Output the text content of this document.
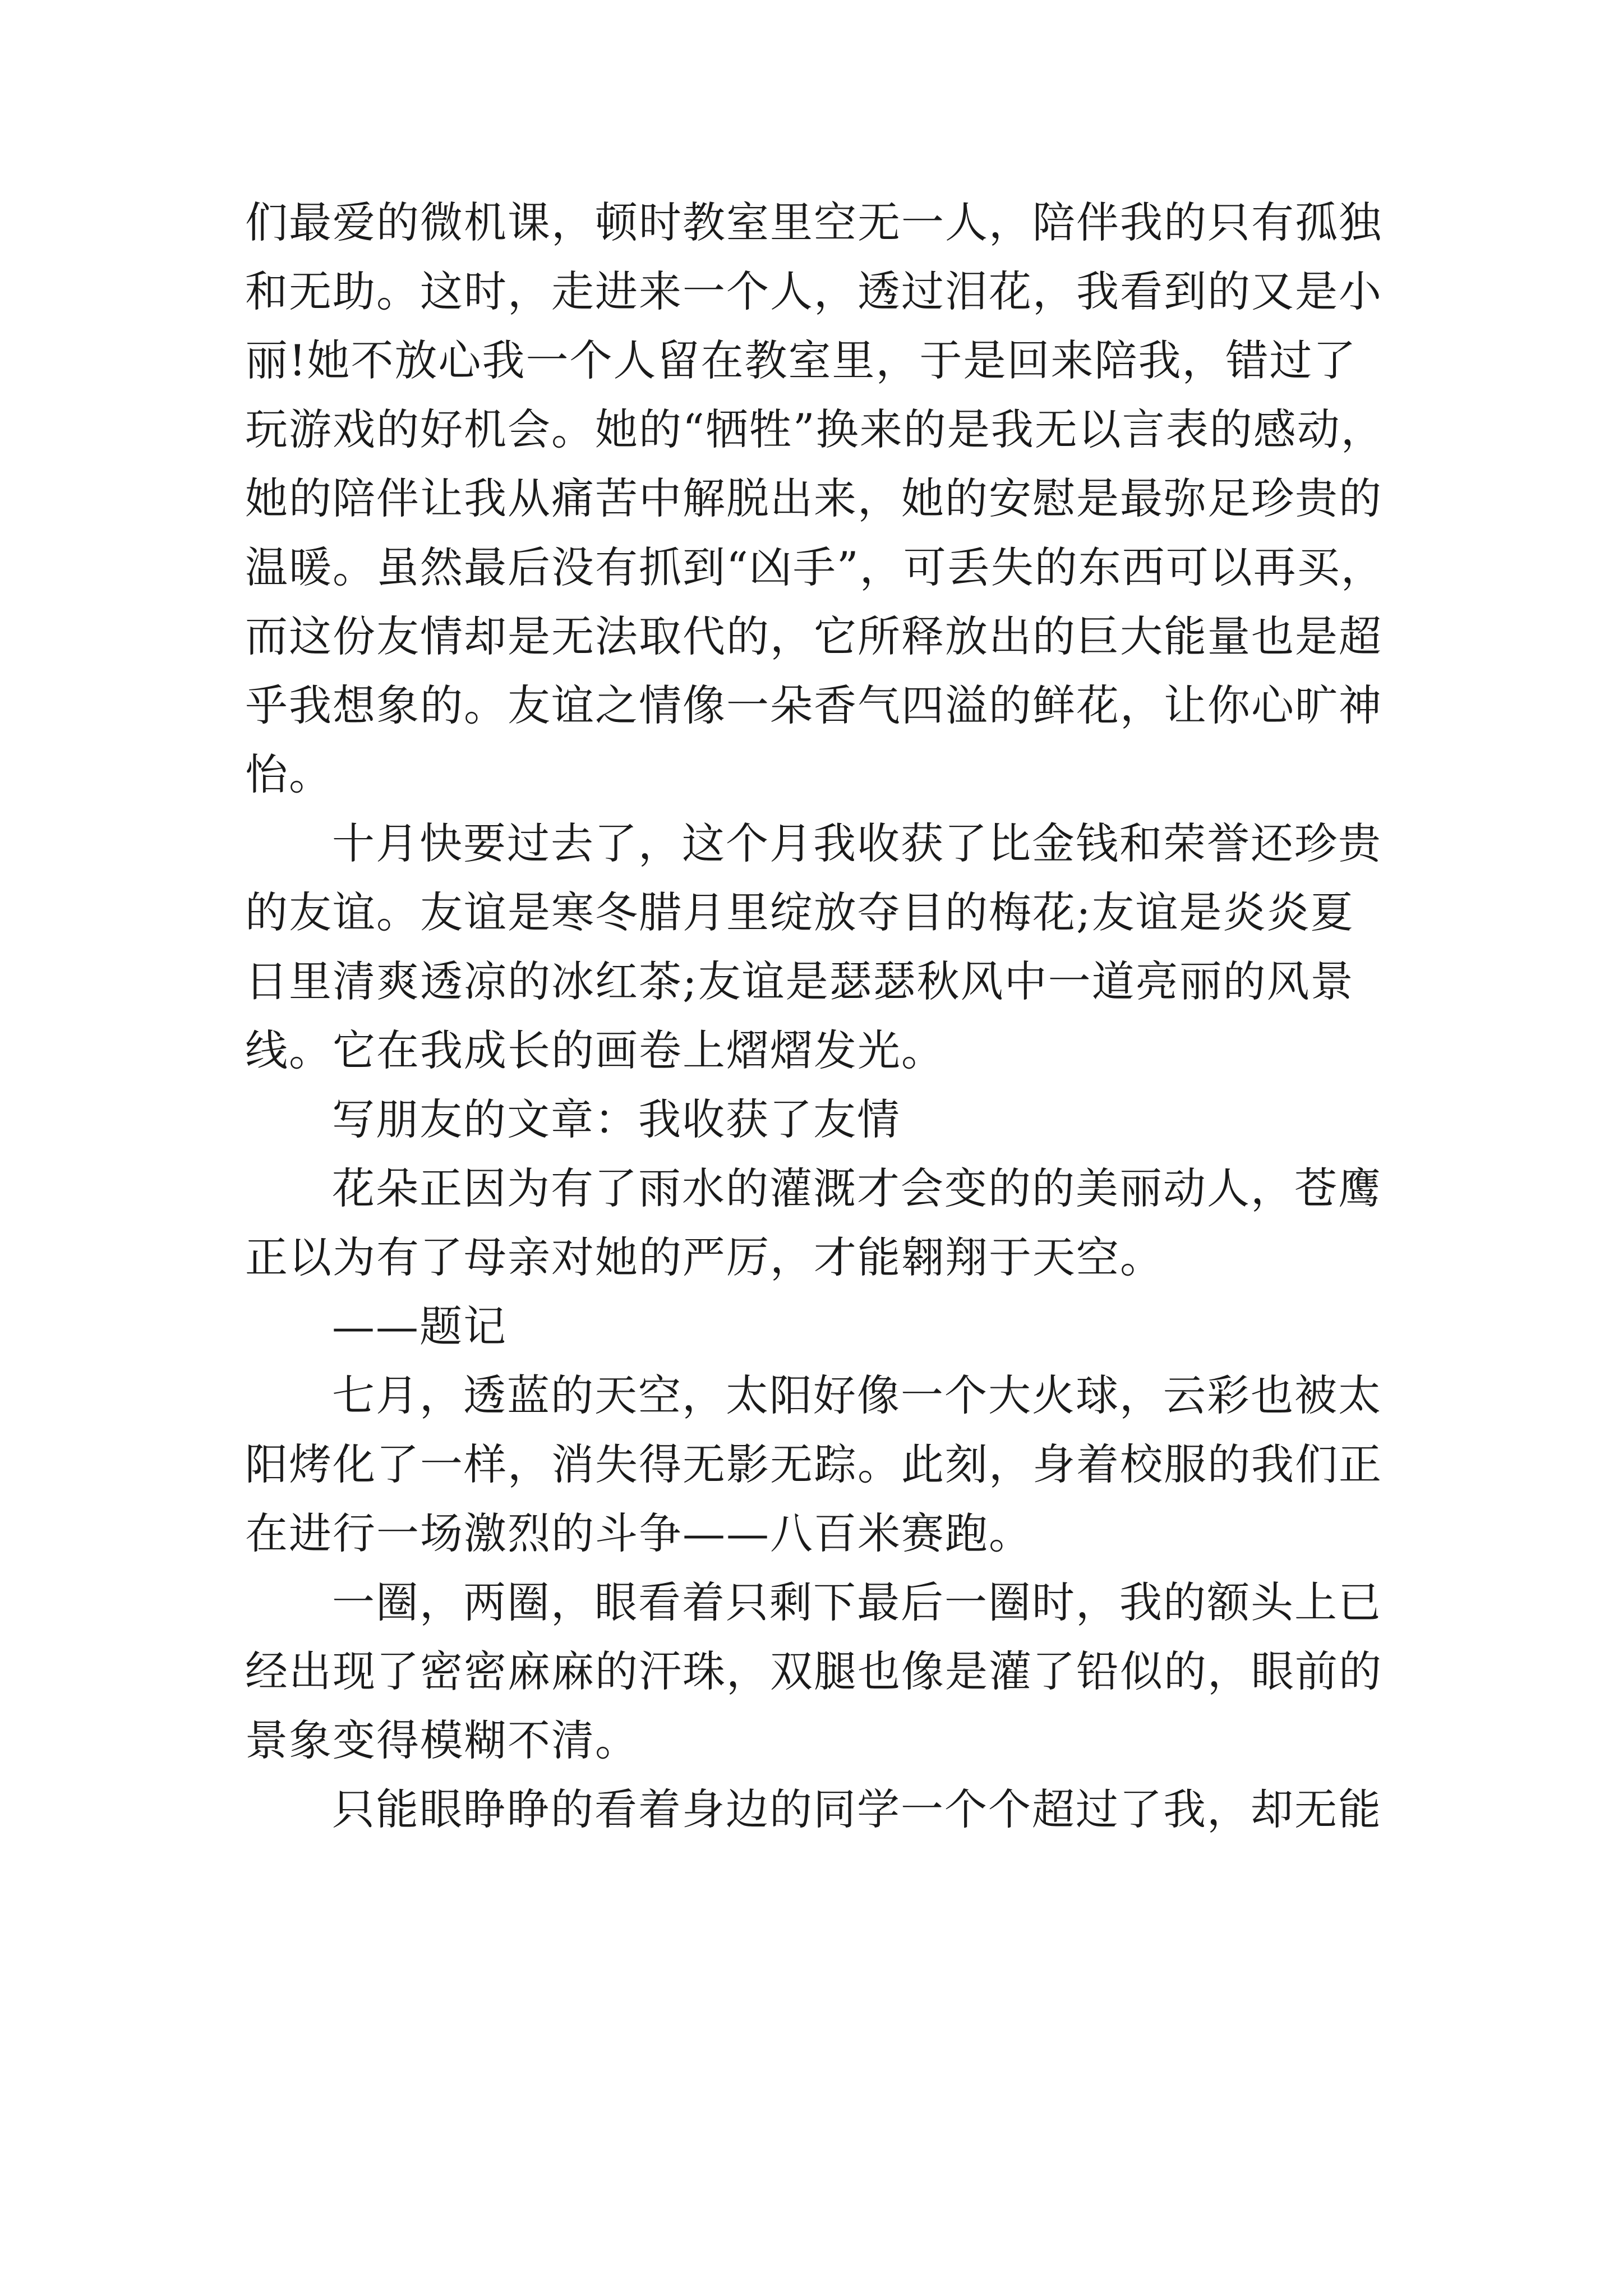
们最爱的微机课，顿时教室里空无一人，陪伴我的只有孤独
和无助。这时，走进来一个人，透过泪花，我看到的又是小
丽!她不放心我一个人留在教室里，于是回来陪我，错过了
玩游戏的好机会。她的“牺牲”换来的是我无以言表的感动，
她的陪伴让我从痛苦中解脱出来，她的安慰是最弥足珍贵的
温暖。虽然最后没有抓到“凶手”，可丢失的东西可以再买，
而这份友情却是无法取代的，它所释放出的巨大能量也是超
乎我想象的。友谊之情像一朵香气四溢的鲜花，让你心旷神
怡。
十月快要过去了，这个月我收获了比金钱和荣誉还珍贵
的友谊。友谊是寒冬腊月里绽放夺目的梅花;友谊是炎炎夏
日里清爽透凉的冰红茶;友谊是瑟瑟秋风中一道亮丽的风景
线。它在我成长的画卷上熠熠发光。
写朋友的文章：我收获了友情
花朵正因为有了雨水的灌溉才会变的的美丽动人，苍鹰
正以为有了母亲对她的严厉，才能翱翔于天空。
——题记
七月，透蓝的天空，太阳好像一个大火球，云彩也被太
阳烤化了一样，消失得无影无踪。此刻，身着校服的我们正
在进行一场激烈的斗争——八百米赛跑。
一圈，两圈，眼看着只剩下最后一圈时，我的额头上已
经出现了密密麻麻的汗珠，双腿也像是灌了铅似的，眼前的
景象变得模糊不清。
只能眼睁睁的看着身边的同学一个个超过了我，却无能
